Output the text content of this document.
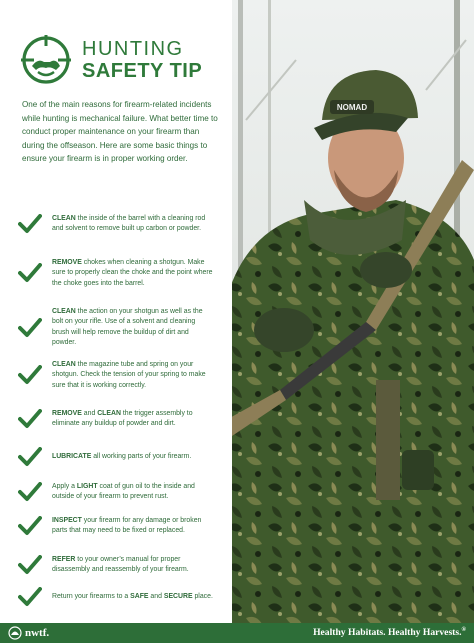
NOMAD
HUNTING
SAFETY TIP

One of the main reasons for firearm-related incidents while hunting is mechanical failure. What better time to conduct proper maintenance on your firearm than during the offseason. Here are some basic things to ensure your firearm is in proper working order.

CLEAN the inside of the barrel with a cleaning rod and solvent to remove built up carbon or powder.

REMOVE chokes when cleaning a shotgun. Make sure to properly clean the choke and the point where the choke goes into the barrel.

CLEAN the action on your shotgun as well as the bolt on your rifle. Use of a solvent and cleaning brush will help remove the buildup of dirt and powder.

CLEAN the magazine tube and spring on your shotgun. Check the tension of your spring to make sure that it is working correctly.

REMOVE and CLEAN the trigger assembly to eliminate any buildup of powder and dirt.

LUBRICATE all working parts of your firearm.

Apply a LIGHT coat of gun oil to the inside and outside of your firearm to prevent rust.

INSPECT your firearm for any damage or broken parts that may need to be fixed or replaced.

REFER to your owner’s manual for proper disassembly and reassembly of your firearm.

Return your firearms to a SAFE and SECURE place.

nwtf.	Healthy Habitats. Healthy Harvests.®
